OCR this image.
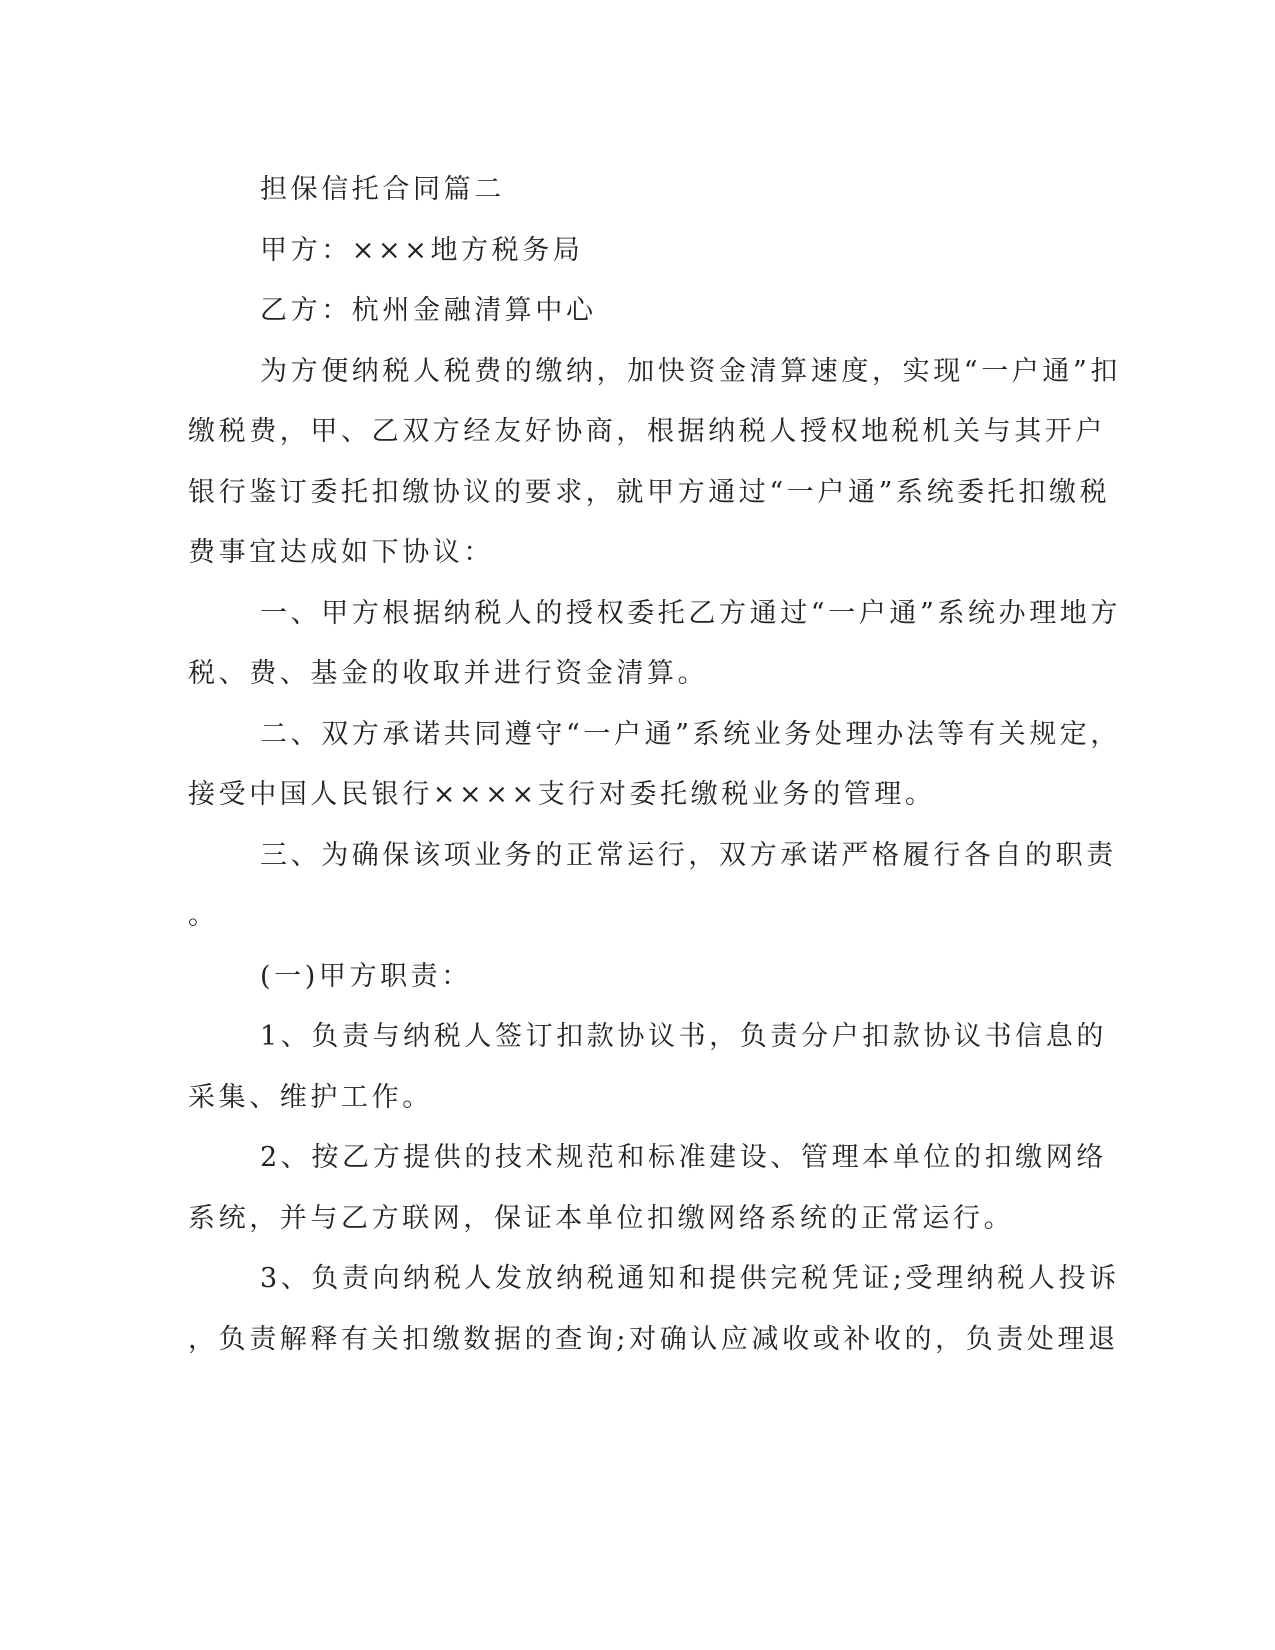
担保信托合同篇二

甲方：×××地方税务局

乙方：杭州金融清算中心

为方便纳税人税费的缴纳，加快资金清算速度，实现“一户通”扣
缴税费，甲、乙双方经友好协商，根据纳税人授权地税机关与其开户
银行鉴订委托扣缴协议的要求，就甲方通过“一户通”系统委托扣缴税
费事宜达成如下协议：

一、甲方根据纳税人的授权委托乙方通过“一户通”系统办理地方
税、费、基金的收取并进行资金清算。

二、双方承诺共同遵守“一户通”系统业务处理办法等有关规定，
接受中国人民银行××××支行对委托缴税业务的管理。

三、为确保该项业务的正常运行，双方承诺严格履行各自的职责
。

(一)甲方职责：

1、负责与纳税人签订扣款协议书，负责分户扣款协议书信息的
采集、维护工作。

2、按乙方提供的技术规范和标准建设、管理本单位的扣缴网络
系统，并与乙方联网，保证本单位扣缴网络系统的正常运行。

3、负责向纳税人发放纳税通知和提供完税凭证;受理纳税人投诉
，负责解释有关扣缴数据的查询;对确认应减收或补收的，负责处理退
